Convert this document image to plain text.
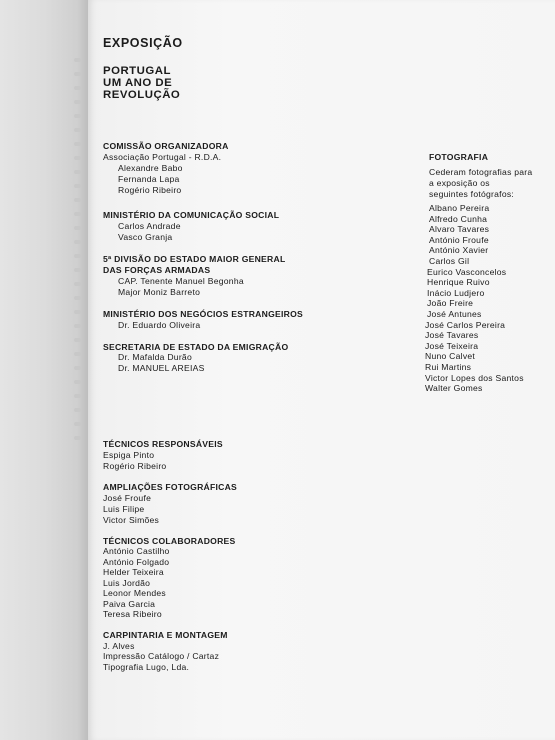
EXPOSIÇÃO
PORTUGAL
UM ANO DE
REVOLUÇÃO
COMISSÃO ORGANIZADORA
Associação Portugal - R.D.A.
Alexandre Babo
Fernanda Lapa
Rogério Ribeiro
MINISTÉRIO DA COMUNICAÇÃO SOCIAL
Carlos Andrade
Vasco Granja
5ª DIVISÃO DO ESTADO MAIOR GENERAL
DAS FORÇAS ARMADAS
CAP. Tenente Manuel Begonha
Major Moniz Barreto
MINISTÉRIO DOS NEGÓCIOS ESTRANGEIROS
Dr. Eduardo Oliveira
SECRETARIA DE ESTADO DA EMIGRAÇÃO
Dr. Mafalda Durão
Dr. MANUEL AREIAS
TÉCNICOS RESPONSÁVEIS
Espiga Pinto
Rogério Ribeiro
AMPLIAÇÕES FOTOGRÁFICAS
José Froufe
Luis Filipe
Victor Simões
TÉCNICOS COLABORADORES
António Castilho
António Folgado
Helder Teixeira
Luis Jordão
Leonor Mendes
Paiva Garcia
Teresa Ribeiro
CARPINTARIA E MONTAGEM
J. Alves
Impressão Catálogo / Cartaz
Tipografia Lugo, Lda.
FOTOGRAFIA
Cederam fotografias para
a exposição os
seguintes fotógrafos:
Albano Pereira
Alfredo Cunha
Alvaro Tavares
António Froufe
António Xavier
Carlos Gil
Eurico Vasconcelos
Henrique Ruivo
Inácio Ludjero
João Freire
José Antunes
José Carlos Pereira
José Tavares
José Teixeira
Nuno Calvet
Rui Martins
Victor Lopes dos Santos
Walter Gomes
